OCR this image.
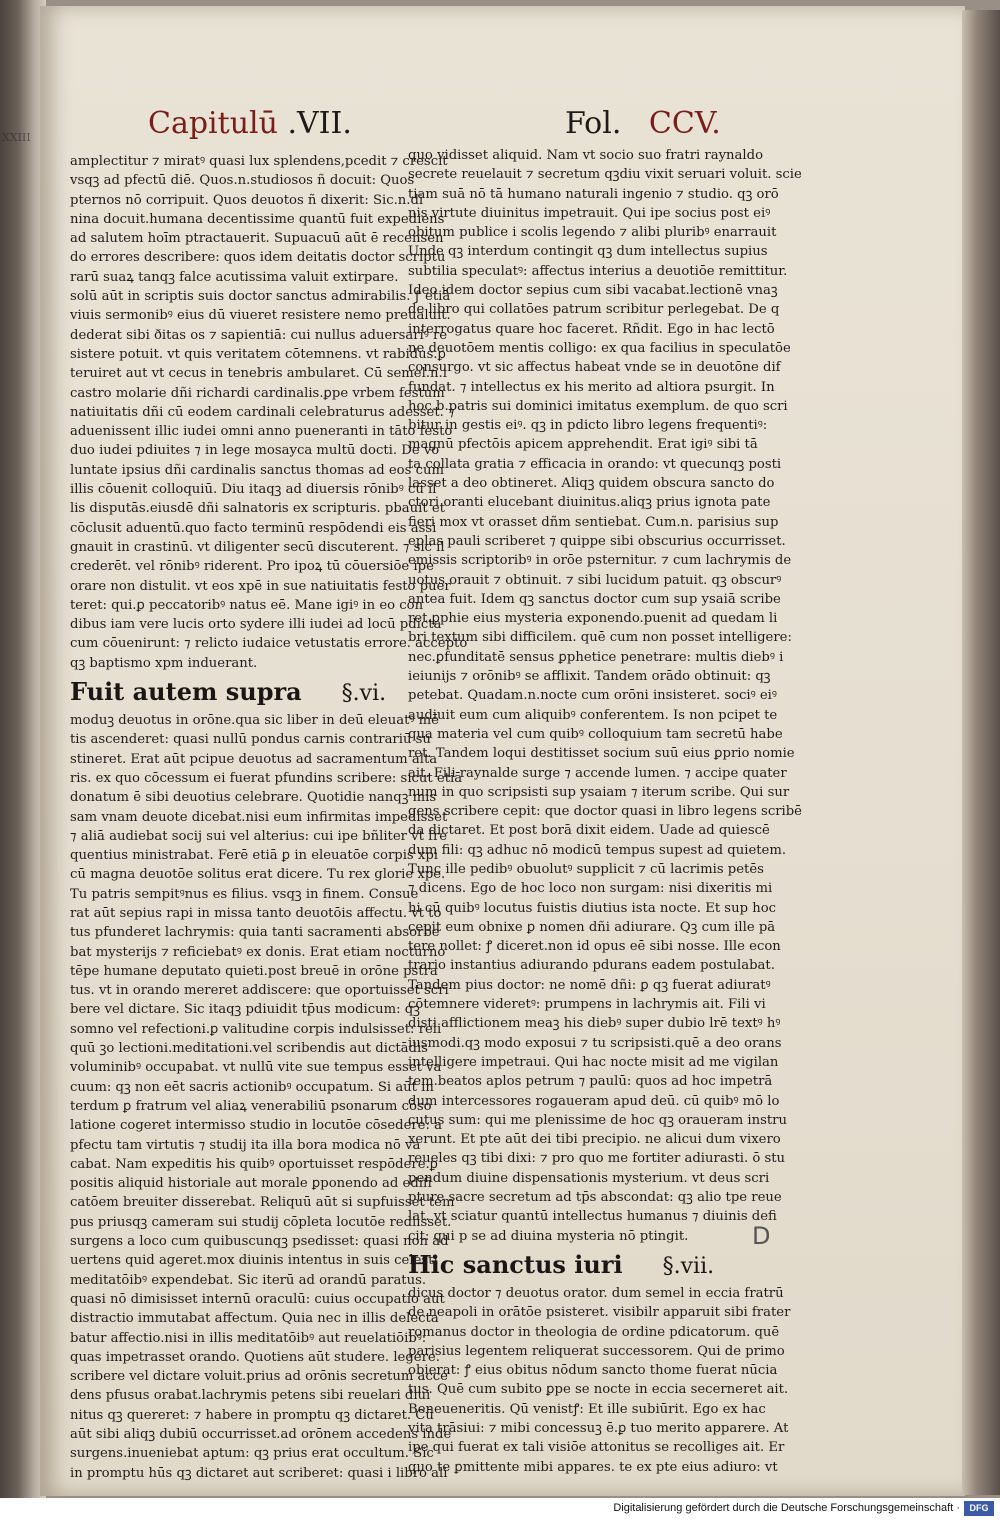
XXIII	Capitulū .VII.	Fol. CCV.

amplectitur ⁊ miratꝰ quasi lux splendens,pcedit ⁊ crescit

vsqꝫ ad pfectū diē. Quos.n.studiosos ñ docuit: Quos

pternos nō corripuit. Quos deuotos ñ dixerit: Sic.n.di

nina docuit.humana decentissime quantū fuit expediens

ad salutem hoīm ptractauerit. Supuacuū aūt ē recensen

do errores describere: quos idem deitatis doctor scriptu

rarū suaꝝ tanqꝫ falce acutissima valuit extirpare.

solū aūt in scriptis suis doctor sanctus admirabilis. ꝭ etiā

viuis sermonibꝰ eius dū viueret resistere nemo preualuit.

dederat sibi ðitas os ⁊ sapientiā: cui nullus aduersariꝰ re

sistere potuit. vt quis veritatem cōtemnens. vt rabidus.ꝑ

teruiret aut vt cecus in tenebris ambularet. Cū semel.n.i

castro molarie dñi richardi cardinalis.ꝑpe vrbem festum

natiuitatis dñi cū eodem cardinali celebraturus adesset. ⁊

aduenissent illic iudei omni anno pueneranti in tāto festo

duo iudei pdiuites ⁊ in lege mosayca multū docti. De vo

luntate ipsius dñi cardinalis sanctus thomas ad eos cum

illis cōuenit colloquiū. Diu itaqꝫ ad diuersis rōnibꝰ cū il

lis disputās.eiusdē dñi salnatoris ex scripturis. pbauit et

cōclusit aduentū.quo facto terminū respōdendi eis assi

gnauit in crastinū. vt diligenter secū discuterent. ⁊ sic il

crederēt. vel rōnibꝰ riderent. Pro ipoꝝ tū cōuersiōe ipe

orare non distulit. vt eos xpē in sue natiuitatis festo puer

teret: qui.ꝑ peccatoribꝰ natus eē. Mane igiꝰ in eo con

dibus iam vere lucis orto sydere illi iudei ad locū pdicta

cum cōuenirunt: ⁊ relicto iudaice vetustatis errore. accepto

qꝫ baptismo xpm induerant.

Fuit autem supra §.vi.

moduꝫ deuotus in orōne.qua sic liber in deū eleuatꝰ mē

tis ascenderet: quasi nullū pondus carnis contrariū su

stineret. Erat aūt pcipue deuotus ad sacramentum alta

ris. ex quo cōcessum ei fuerat pfundins scribere: sicut etiā

donatum ē sibi deuotius celebrare. Quotidie nanqꝫ mis

sam vnam deuote dicebat.nisi eum infirmitas impedisset

⁊ aliā audiebat socij sui vel alterius: cui ipe bñliter vt fre

quentius ministrabat. Ferē etiā ꝑ in eleuatōe corpis xpi

cū magna deuotōe solitus erat dicere. Tu rex glorie xpe.

Tu patris sempitꝰnus es filius. vsqꝫ in finem. Consue

rat aūt sepius rapi in missa tanto deuotōis affectu. vt to

tus pfunderet lachrymis: quia tanti sacramenti absorbe

bat mysterijs ⁊ reficiebatꝰ ex donis. Erat etiam nocturno

tēpe humane deputato quieti.post breuē in orōne pstra

tus. vt in orando mereret addiscere: que oportuisset scri

bere vel dictare. Sic itaqꝫ pdiuidit tp̄us modicum: qꝫ

somno vel refectioni.ꝑ valitudine corpis indulsisset: reli

quū ꝫo lectioni.meditationi.vel scribendis aut dictādis

voluminibꝰ occupabat. vt nullū vite sue tempus esset va

cuum: qꝫ non eēt sacris actionibꝰ occupatum. Si aūt in

terdum ꝑ fratrum vel aliaꝝ venerabiliū psonarum cōso

latione cogeret intermisso studio in locutōe cōsedere: a

pfectu tam virtutis ⁊ studij ita illa bora modica nō va

cabat. Nam expeditis his quibꝰ oportuisset respōdere.ꝑ

positis aliquid historiale aut morale ꝑponendo ad edifi

catōem breuiter disserebat. Reliquū aūt si supfuisset tem

pus priusqꝫ cameram sui studij cōpleta locutōe rediisset.

surgens a loco cum quibuscunqꝫ psedisset: quasi non ad

uertens quid ageret.mox diuinis intentus in suis celesti

meditatōibꝰ expendebat. Sic iterū ad orandū paratus.

quasi nō dimisisset internū oraculū: cuius occupatio aut

distractio immutabat affectum. Quia nec in illis delecta

batur affectio.nisi in illis meditatōibꝰ aut reuelatiōibꝰ:

quas impetrasset orando. Quotiens aūt studere. legere.

scribere vel dictare voluit.prius ad orōnis secretum acce

dens pfusus orabat.lachrymis petens sibi reuelari diui

nitus qꝫ quereret: ⁊ habere in promptu qꝫ dictaret. Cū

aūt sibi aliqꝫ dubiū occurrisset.ad orōnem accedens inde

surgens.inueniebat aptum: qꝫ prius erat occultum. Sic

in promptu hūs qꝫ dictaret aut scriberet: quasi i libro ali

quo vidisset aliquid. Nam vt socio suo fratri raynaldo

secrete reuelauit ⁊ secretum qꝫdiu vixit seruari voluit. scie

tiam suā nō tā humano naturali ingenio ⁊ studio. qꝫ orō

nis virtute diuinitus impetrauit. Qui ipe socius post eiꝰ

obitum publice i scolis legendo ⁊ alibi pluribꝰ enarrauit

Unde qꝫ interdum contingit qꝫ dum intellectus supius

subtilia speculatꝰ: affectus interius a deuotiōe remittitur.

Ideo idem doctor sepius cum sibi vacabat.lectionē vnaꝫ

de libro qui collatōes patrum scribitur perlegebat. De q

interrogatus quare hoc faceret. Rñdit. Ego in hac lectō

ne deuotōem mentis colligo: ex qua facilius in speculatōe

consurgo. vt sic affectus habeat vnde se in deuotōne dif

fundat. ⁊ intellectus ex his merito ad altiora psurgit. In

hoc.b.patris sui dominici imitatus exemplum. de quo scri

bitur in gestis eiꝰ. qꝫ in pdicto libro legens frequentiꝰ:

magnū pfectōis apicem apprehendit. Erat igiꝰ sibi tā

ta collata gratia ⁊ efficacia in orando: vt quecunqꝫ posti

lasset a deo obtineret. Aliqꝫ quidem obscura sancto do

ctori oranti elucebant diuinitus.aliqꝫ prius ignota pate

fieri mox vt orasset dñm sentiebat. Cum.n. parisius sup

eplas pauli scriberet ⁊ quippe sibi obscurius occurrisset.

emissis scriptoribꝰ in orōe psternitur. ⁊ cum lachrymis de

uotus orauit ⁊ obtinuit. ⁊ sibi lucidum patuit. qꝫ obscurꝰ

antea fuit. Idem qꝫ sanctus doctor cum sup ysaiā scribe

ret.ꝑphie eius mysteria exponendo.puenit ad quedam li

bri textum sibi difficilem. quē cum non posset intelligere:

nec.ꝑfunditatē sensus ꝑphetice penetrare: multis diebꝰ i

ieiunijs ⁊ orōnibꝰ se afflixit. Tandem orādo obtinuit: qꝫ

petebat. Quadam.n.nocte cum orōni insisteret. sociꝰ eiꝰ

audiuit eum cum aliquibꝰ conferentem. Is non pcipet te

qua materia vel cum quibꝰ colloquium tam secretū habe

ret. Tandem loqui destitisset socium suū eius ꝑprio nomie

ait. Fili raynalde surge ⁊ accende lumen. ⁊ accipe quater

num in quo scripsisti sup ysaiam ⁊ iterum scribe. Qui sur

gens scribere cepit: que doctor quasi in libro legens scribē

da dictaret. Et post borā dixit eidem. Uade ad quiescē

dum fili: qꝫ adhuc nō modicū tempus supest ad quietem.

Tunc ille pedibꝰ obuolutꝰ supplicit ⁊ cū lacrimis petēs

⁊ dicens. Ego de hoc loco non surgam: nisi dixeritis mi

hi cū quibꝰ locutus fuistis diutius ista nocte. Et sup hoc

cepit eum obnixe ꝑ nomen dñi adiurare. Qꝫ cum ille pā

tere nollet: ꝭ diceret.non id opus eē sibi nosse. Ille econ

trario instantius adiurando pdurans eadem postulabat.

Tandem pius doctor: ne nomē dñi: ꝑ qꝫ fuerat adiuratꝰ

cōtemnere videretꝰ: prumpens in lachrymis ait. Fili vi

disti afflictionem meaꝫ his diebꝰ super dubio lrē textꝰ hꝰ

iusmodi.qꝫ modo exposui ⁊ tu scripsisti.quē a deo orans

intelligere impetraui. Qui hac nocte misit ad me vigilan

tem.beatos aplos petrum ⁊ paulū: quos ad hoc impetrā

dum intercessores rogaueram apud deū. cū quibꝰ mō lo

cutus sum: qui me plenissime de hoc qꝫ oraueram instru

xerunt. Et pte aūt dei tibi precipio. ne alicui dum vixero

reueles qꝫ tibi dixi: ⁊ pro quo me fortiter adiurasti. ō stu

pendum diuine dispensationis mysterium. vt deus scri

pture sacre secretum ad tp̄s abscondat: qꝫ alio tpe reue

lat. vt sciatur quantū intellectus humanus ⁊ diuinis defi

cit: qui p se ad diuina mysteria nō ptingit.

Hic sanctus iuri §.vii.

dicus doctor ⁊ deuotus orator. dum semel in eccia fratrū

de neapoli in orātōe psisteret. visibilr apparuit sibi frater

romanus doctor in theologia de ordine pdicatorum. quē

parisius legentem reliquerat successorem. Qui de primo

obierat: ꝭ eius obitus nōdum sancto thome fuerat nūcia

tus. Quē cum subito ꝑpe se nocte in eccia secerneret ait.

Beneueneritis. Qū venistꝭ: Et ille subiūrit. Ego ex hac

vita trāsiui: ⁊ mibi concessuꝫ ē.ꝑ tuo merito apparere. At

ipe qui fuerat ex tali visiōe attonitus se recolliges ait. Er

quo te ꝑmittente mibi appares. te ex pte eius adiuro: vt

D
Digitalisierung gefördert durch die Deutsche Forschungsgemeinschaft ·	DFG
